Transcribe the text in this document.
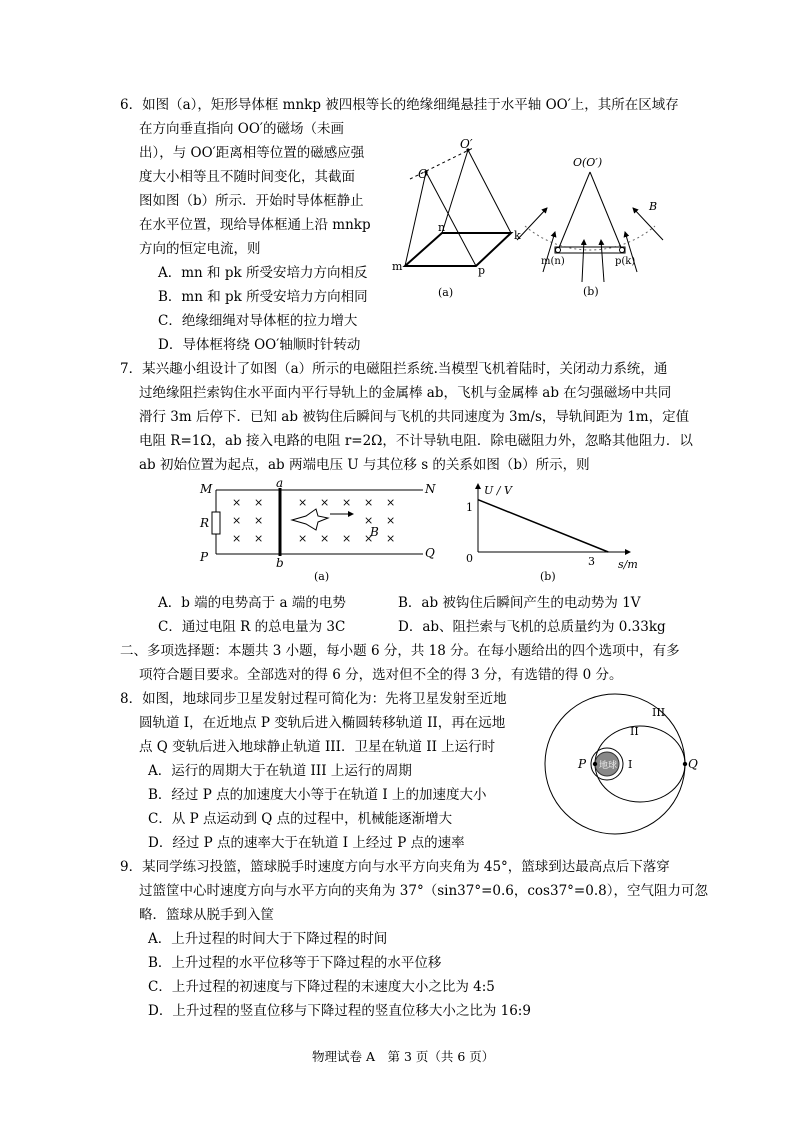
6．如图（a），矩形导体框 mnkp 被四根等长的绝缘细绳悬挂于水平轴 OO′上，其所在区域存
在方向垂直指向 OO′的磁场（未画
出），与 OO′距离相等位置的磁感应强
度大小相等且不随时间变化，其截面
图如图（b）所示．开始时导体框静止
在水平位置，现给导体框通上沿 mnkp
方向的恒定电流，则
A．mn 和 pk 所受安培力方向相反
B．mn 和 pk 所受安培力方向相同
C．绝缘细绳对导体框的拉力增大
D．导体框将绕 OO′轴顺时针转动
O
O′
n
k
m	p
(a)
O(O′)
B
m(n)	p(k)
(b)
7．某兴趣小组设计了如图（a）所示的电磁阻拦系统.当模型飞机着陆时，关闭动力系统，通
过绝缘阻拦索钩住水平面内平行导轨上的金属棒 ab，飞机与金属棒 ab 在匀强磁场中共同
滑行 3m 后停下．已知 ab 被钩住后瞬间与飞机的共同速度为 3m/s，导轨间距为 1m，定值
电阻 R=1Ω，ab 接入电路的电阻 r=2Ω，不计导轨电阻．除电磁阻力外，忽略其他阻力．以
ab 初始位置为起点，ab 两端电压 U 与其位移 s 的关系如图（b）所示，则
× ×	× × × × ×
× ×	× ×
× ×	× × × × ×
M	a	N
R
B
P	b
Q
(a)
U / V
s/m
1
3
0
(b)
A．b 端的电势高于 a 端的电势	B．ab 被钩住后瞬间产生的电动势为 1V
C．通过电阻 R 的总电量为 3C	D．ab、阻拦索与飞机的总质量约为 0.33kg
二、多项选择题：本题共 3 小题，每小题 6 分，共 18 分。在每小题给出的四个选项中，有多
项符合题目要求。全部选对的得 6 分，选对但不全的得 3 分，有选错的得 0 分。
8．如图，地球同步卫星发射过程可简化为：先将卫星发射至近地
圆轨道 I，在近地点 P 变轨后进入椭圆转移轨道 II，再在远地
点 Q 变轨后进入地球静止轨道 III．卫星在轨道 II 上运行时
A．运行的周期大于在轨道 III 上运行的周期
B．经过 P 点的加速度大小等于在轨道 I 上的加速度大小
C．从 P 点运动到 Q 点的过程中，机械能逐渐增大
D．经过 P 点的速率大于在轨道 I 上经过 P 点的速率
III
II
P 地球 I	Q
9．某同学练习投篮，篮球脱手时速度方向与水平方向夹角为 45°，篮球到达最高点后下落穿
过篮筐中心时速度方向与水平方向的夹角为 37°（sin37°=0.6，cos37°=0.8），空气阻力可忽
略．篮球从脱手到入筐
A．上升过程的时间大于下降过程的时间
B．上升过程的水平位移等于下降过程的水平位移
C．上升过程的初速度与下降过程的末速度大小之比为 4:5
D．上升过程的竖直位移与下降过程的竖直位移大小之比为 16:9
物理试卷 A　第 3 页（共 6 页）
